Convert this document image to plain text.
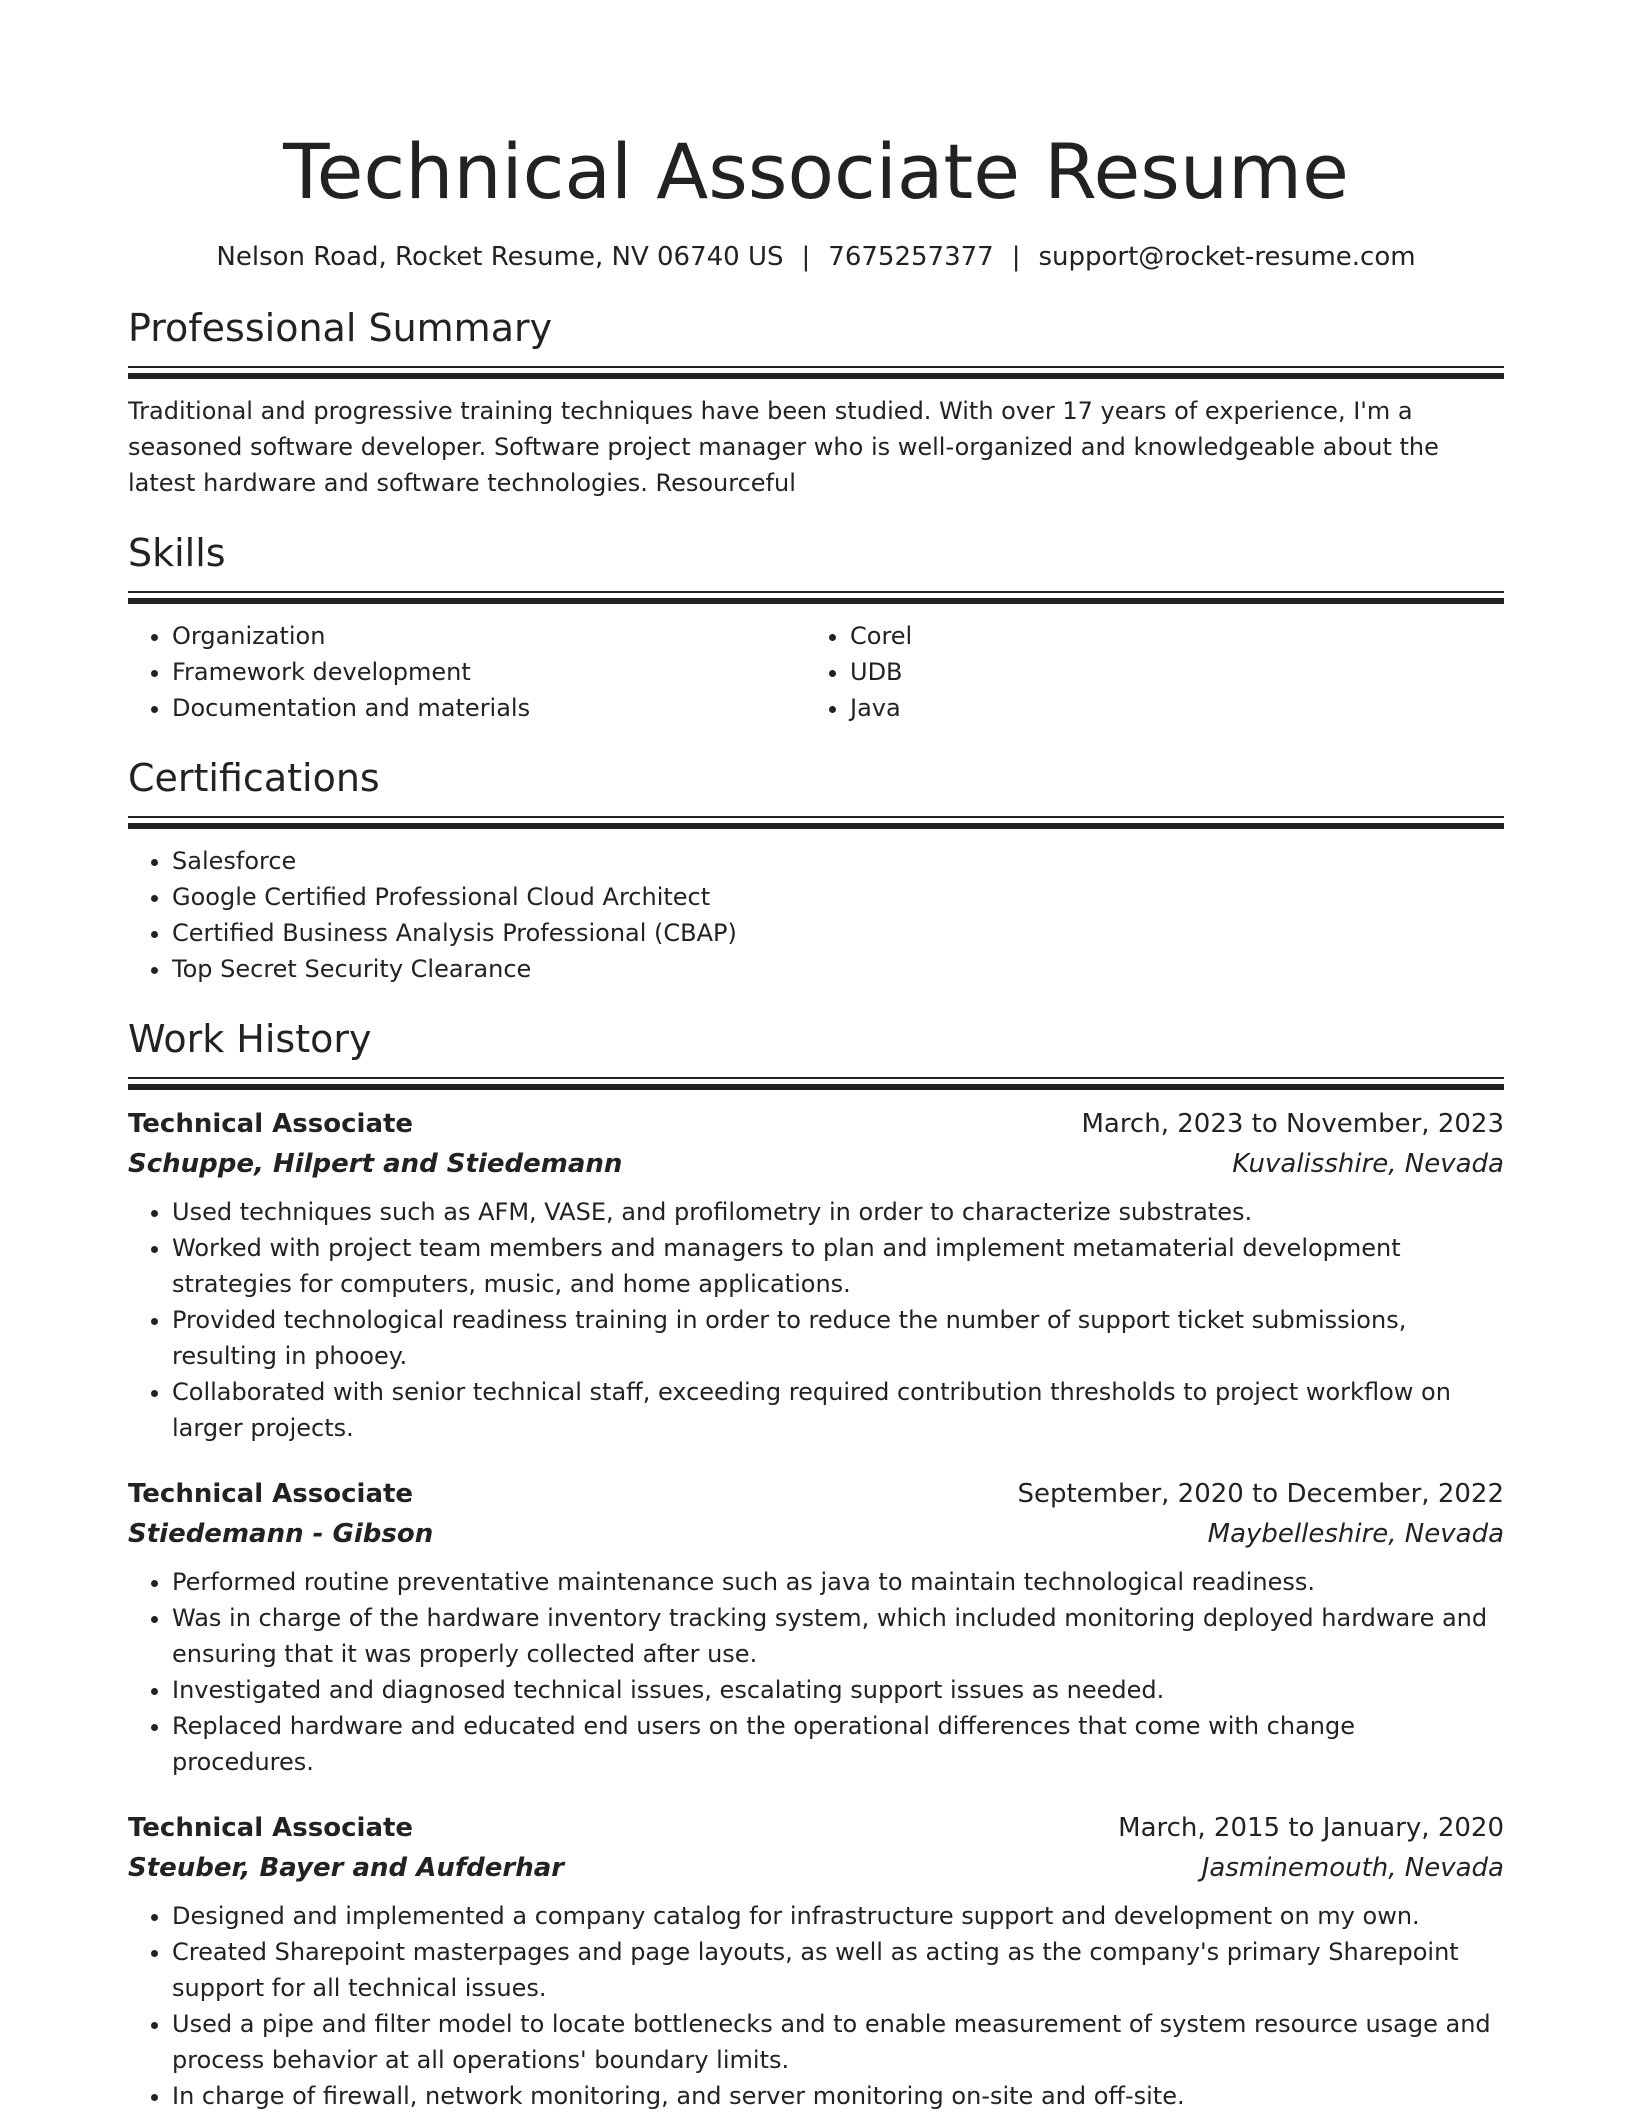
Technical Associate Resume
Nelson Road, Rocket Resume, NV 06740 US | 7675257377 | support@rocket-resume.com
Professional Summary
Traditional and progressive training techniques have been studied. With over 17 years of experience, I'm a seasoned software developer. Software project manager who is well-organized and knowledgeable about the latest hardware and software technologies. Resourceful
Skills
• Organization
• Framework development
• Documentation and materials
• Corel
• UDB
• Java
Certifications
• Salesforce
• Google Certified Professional Cloud Architect
• Certified Business Analysis Professional (CBAP)
• Top Secret Security Clearance
Work History
Technical Associate	March, 2023 to November, 2023
Schuppe, Hilpert and Stiedemann	Kuvalisshire, Nevada
• Used techniques such as AFM, VASE, and profilometry in order to characterize substrates.
• Worked with project team members and managers to plan and implement metamaterial development strategies for computers, music, and home applications.
• Provided technological readiness training in order to reduce the number of support ticket submissions, resulting in phooey.
• Collaborated with senior technical staff, exceeding required contribution thresholds to project workflow on larger projects.
Technical Associate	September, 2020 to December, 2022
Stiedemann - Gibson	Maybelleshire, Nevada
• Performed routine preventative maintenance such as java to maintain technological readiness.
• Was in charge of the hardware inventory tracking system, which included monitoring deployed hardware and ensuring that it was properly collected after use.
• Investigated and diagnosed technical issues, escalating support issues as needed.
• Replaced hardware and educated end users on the operational differences that come with change procedures.
Technical Associate	March, 2015 to January, 2020
Steuber, Bayer and Aufderhar	Jasminemouth, Nevada
• Designed and implemented a company catalog for infrastructure support and development on my own.
• Created Sharepoint masterpages and page layouts, as well as acting as the company's primary Sharepoint support for all technical issues.
• Used a pipe and filter model to locate bottlenecks and to enable measurement of system resource usage and process behavior at all operations' boundary limits.
• In charge of firewall, network monitoring, and server monitoring on-site and off-site.
